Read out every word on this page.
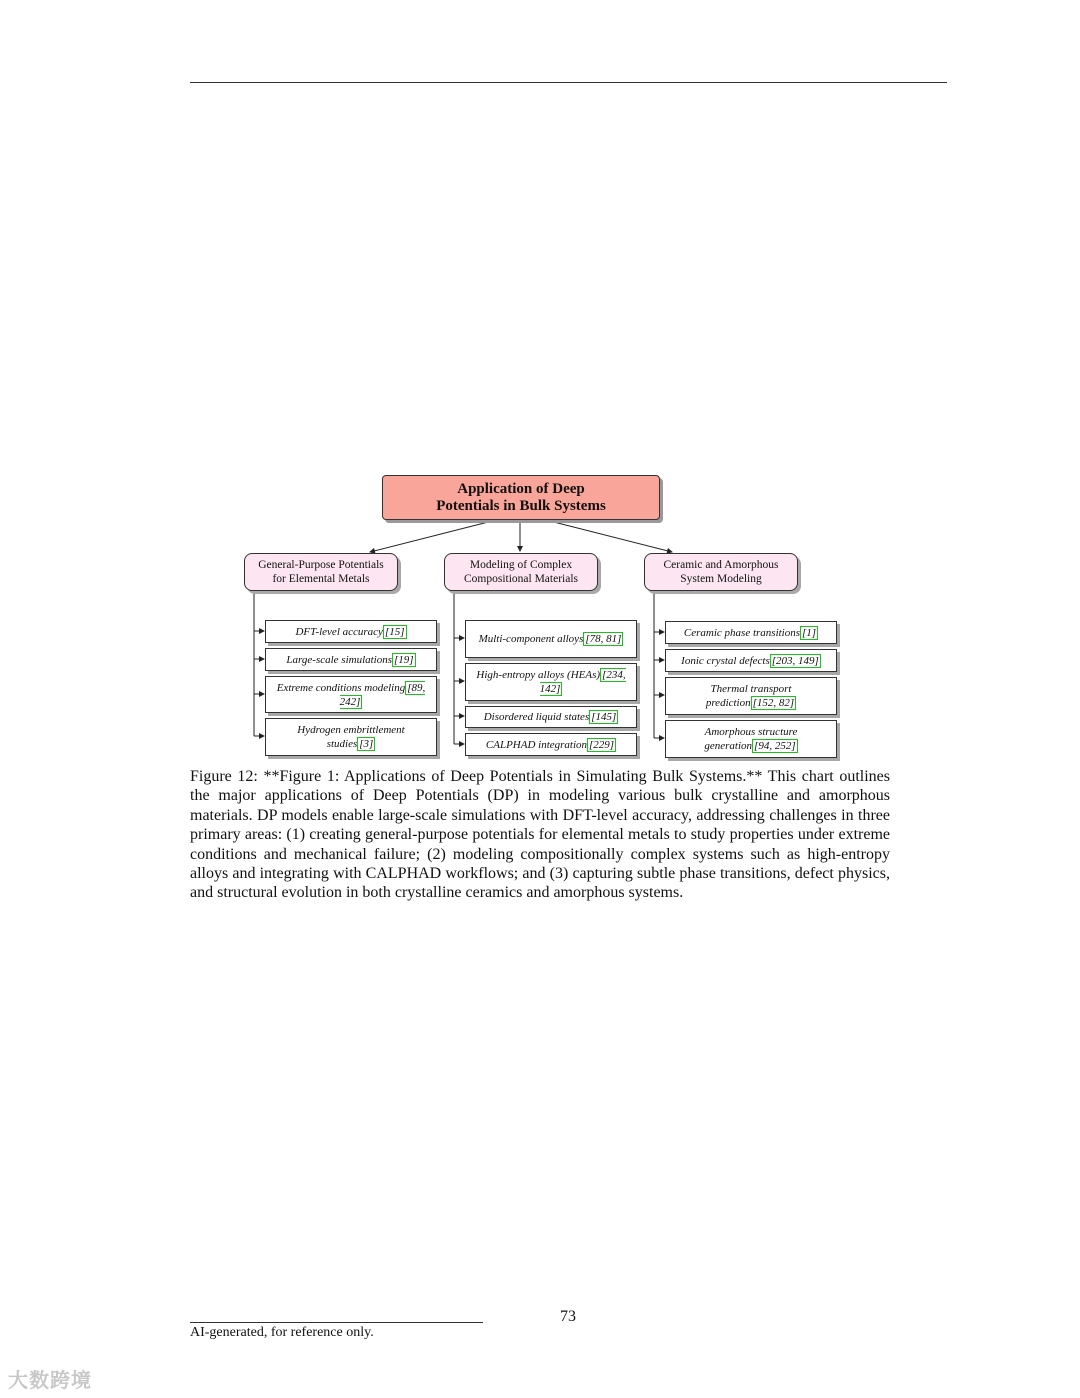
Application of Deep Potentials in Bulk Systems
General-Purpose Potentials for Elemental Metals
Modeling of Complex Compositional Materials
Ceramic and Amorphous System Modeling
DFT-level accuracy [15]
Large-scale simulations [19]
Extreme conditions modeling [89, 242]
Hydrogen embrittlement studies [3]
Multi-component alloys [78, 81]
High-entropy alloys (HEAs) [234, 142]
Disordered liquid states [145]
CALPHAD integration [229]
Ceramic phase transitions [1]
Ionic crystal defects [203, 149]
Thermal transport prediction [152, 82]
Amorphous structure generation [94, 252]
Figure 12: **Figure 1: Applications of Deep Potentials in Simulating Bulk Systems.** This chart outlines the major applications of Deep Potentials (DP) in modeling various bulk crystalline and amorphous materials. DP models enable large-scale simulations with DFT-level accuracy, addressing challenges in three primary areas: (1) creating general-purpose potentials for elemental metals to study properties under extreme conditions and mechanical failure; (2) modeling compositionally complex systems such as high-entropy alloys and integrating with CALPHAD workflows; and (3) capturing subtle phase transitions, defect physics, and structural evolution in both crystalline ceramics and amorphous systems.
73
AI-generated, for reference only.
大数跨境
